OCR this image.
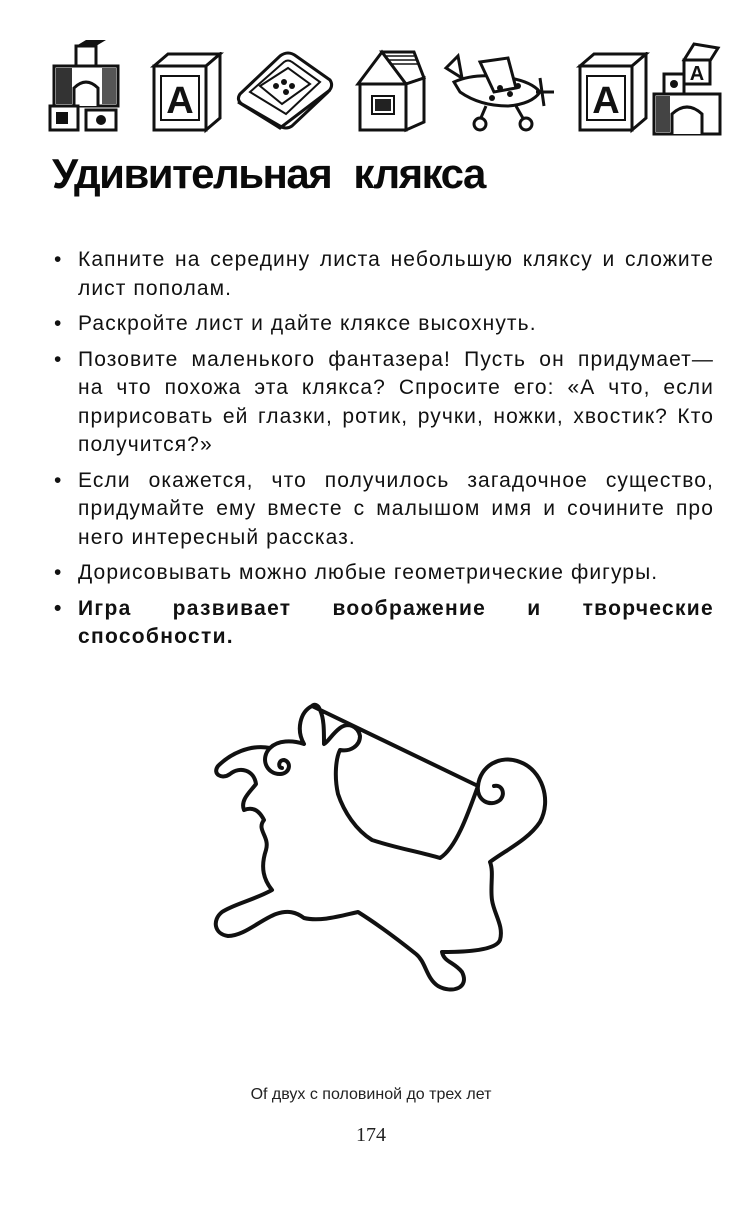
А	А
А
Удивительная клякса
• Капните на середину листа небольшую кляксу и сложите лист пополам.
• Раскройте лист и дайте кляксе высохнуть.
• Позовите маленького фантазера! Пусть он придумает— на что похожа эта клякса? Спросите его: «А что, если пририсовать ей глазки, ротик, ручки, ножки, хвостик? Кто получится?»
• Если окажется, что получилось загадочное существо, придумайте ему вместе с малышом имя и сочините про него интересный рассказ.
• Дорисовывать можно любые геометрические фигуры.
• Игра развивает воображение и творческие способности.
Of двух с половиной до трех лет
174
